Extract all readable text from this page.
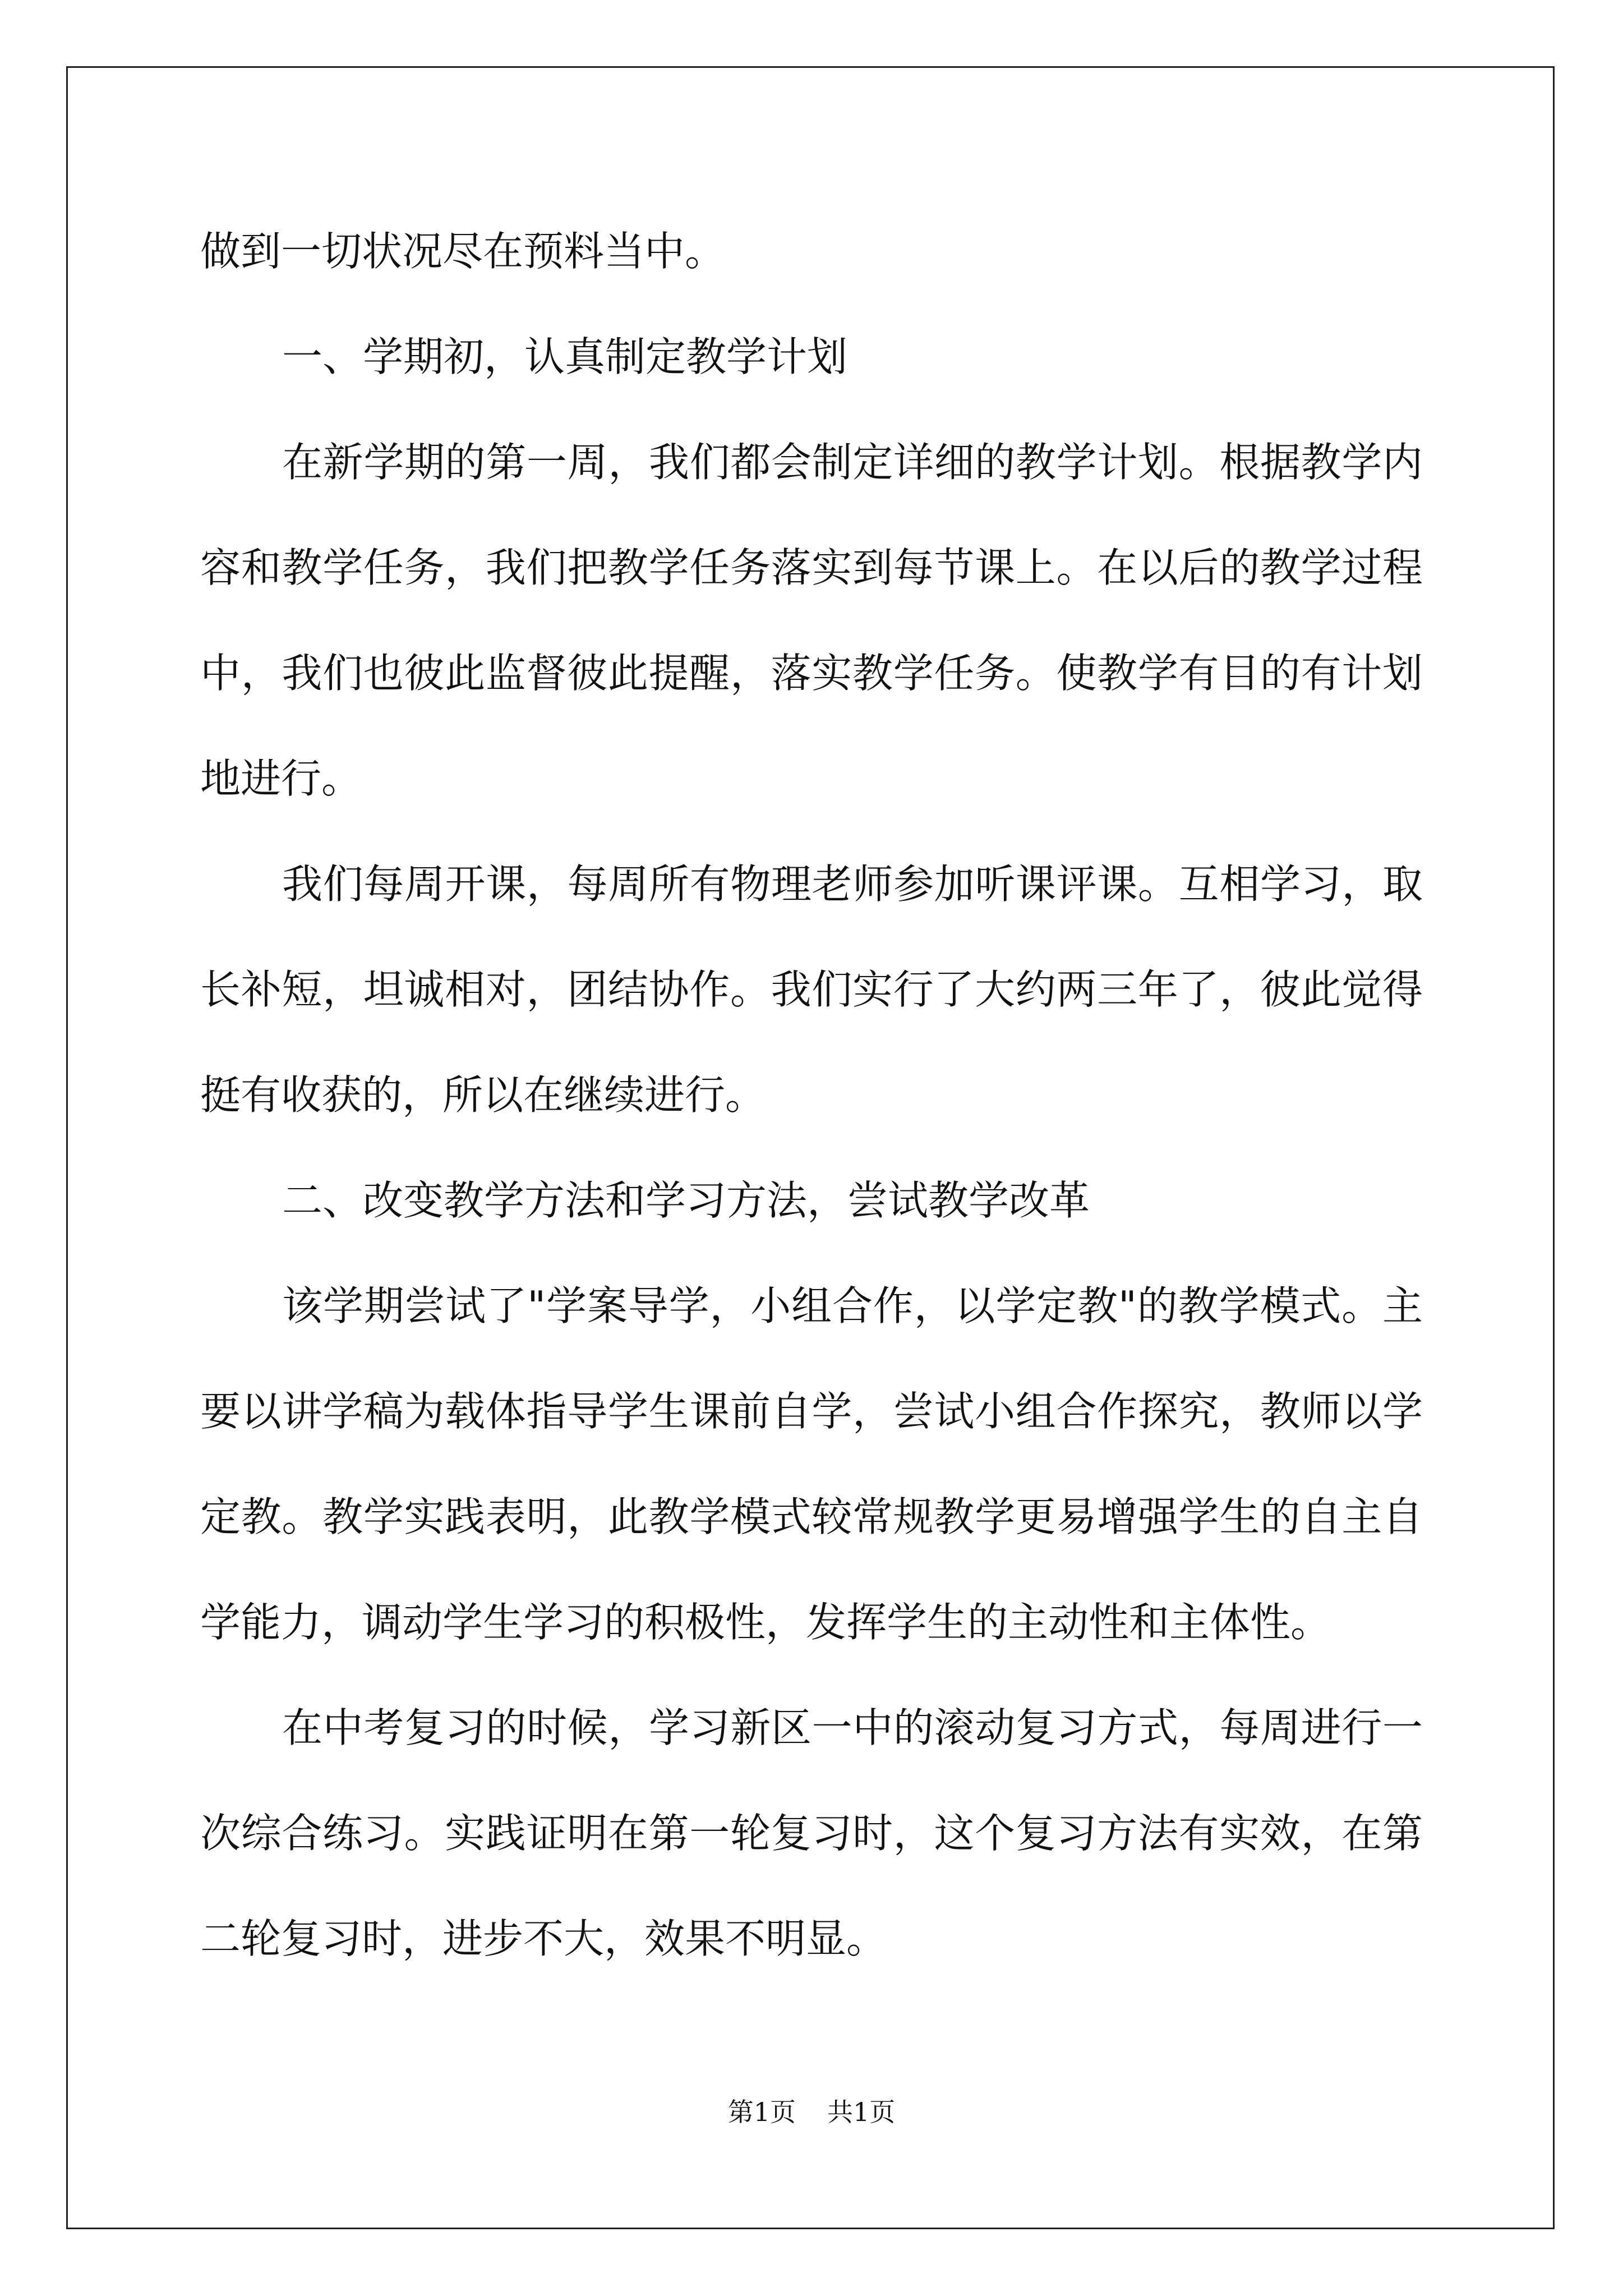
做到一切状况尽在预料当中。
一、学期初，认真制定教学计划
在新学期的第一周，我们都会制定详细的教学计划。根据教学内
容和教学任务，我们把教学任务落实到每节课上。在以后的教学过程
中，我们也彼此监督彼此提醒，落实教学任务。使教学有目的有计划
地进行。
我们每周开课，每周所有物理老师参加听课评课。互相学习，取
长补短，坦诚相对，团结协作。我们实行了大约两三年了，彼此觉得
挺有收获的，所以在继续进行。
二、改变教学方法和学习方法，尝试教学改革
该学期尝试了"学案导学，小组合作，以学定教"的教学模式。主
要以讲学稿为载体指导学生课前自学，尝试小组合作探究，教师以学
定教。教学实践表明，此教学模式较常规教学更易增强学生的自主自
学能力，调动学生学习的积极性，发挥学生的主动性和主体性。
在中考复习的时候，学习新区一中的滚动复习方式，每周进行一
次综合练习。实践证明在第一轮复习时，这个复习方法有实效，在第
二轮复习时，进步不大，效果不明显。
第1页 共1页
